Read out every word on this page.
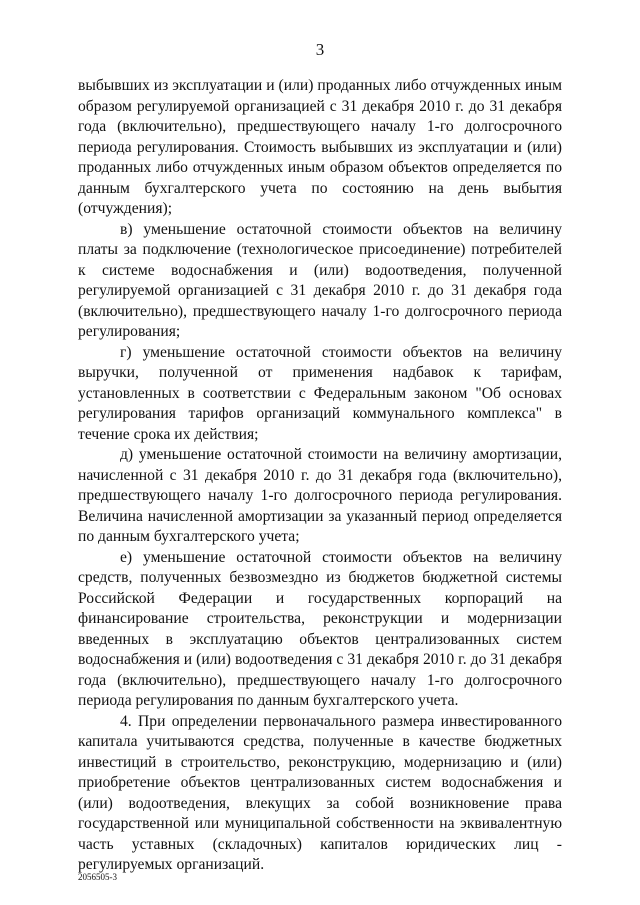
3

выбывших из эксплуатации и (или) проданных либо отчужденных иным образом регулируемой организацией с 31 декабря 2010 г. до 31 декабря года (включительно), предшествующего началу 1-го долгосрочного периода регулирования. Стоимость выбывших из эксплуатации и (или) проданных либо отчужденных иным образом объектов определяется по данным бухгалтерского учета по состоянию на день выбытия (отчуждения);

в) уменьшение остаточной стоимости объектов на величину платы за подключение (технологическое присоединение) потребителей к системе водоснабжения и (или) водоотведения, полученной регулируемой организацией с 31 декабря 2010 г. до 31 декабря года (включительно), предшествующего началу 1-го долгосрочного периода регулирования;

г) уменьшение остаточной стоимости объектов на величину выручки, полученной от применения надбавок к тарифам, установленных в соответствии с Федеральным законом "Об основах регулирования тарифов организаций коммунального комплекса" в течение срока их действия;

д) уменьшение остаточной стоимости на величину амортизации, начисленной с 31 декабря 2010 г. до 31 декабря года (включительно), предшествующего началу 1-го долгосрочного периода регулирования. Величина начисленной амортизации за указанный период определяется по данным бухгалтерского учета;

е) уменьшение остаточной стоимости объектов на величину средств, полученных безвозмездно из бюджетов бюджетной системы Российской Федерации и государственных корпораций на финансирование строительства, реконструкции и модернизации введенных в эксплуатацию объектов централизованных систем водоснабжения и (или) водоотведения с 31 декабря 2010 г. до 31 декабря года (включительно), предшествующего началу 1-го долгосрочного периода регулирования по данным бухгалтерского учета.

4. При определении первоначального размера инвестированного капитала учитываются средства, полученные в качестве бюджетных инвестиций в строительство, реконструкцию, модернизацию и (или) приобретение объектов централизованных систем водоснабжения и (или) водоотведения, влекущих за собой возникновение права государственной или муниципальной собственности на эквивалентную часть уставных (складочных) капиталов юридических лиц - регулируемых организаций.

2056505-3
